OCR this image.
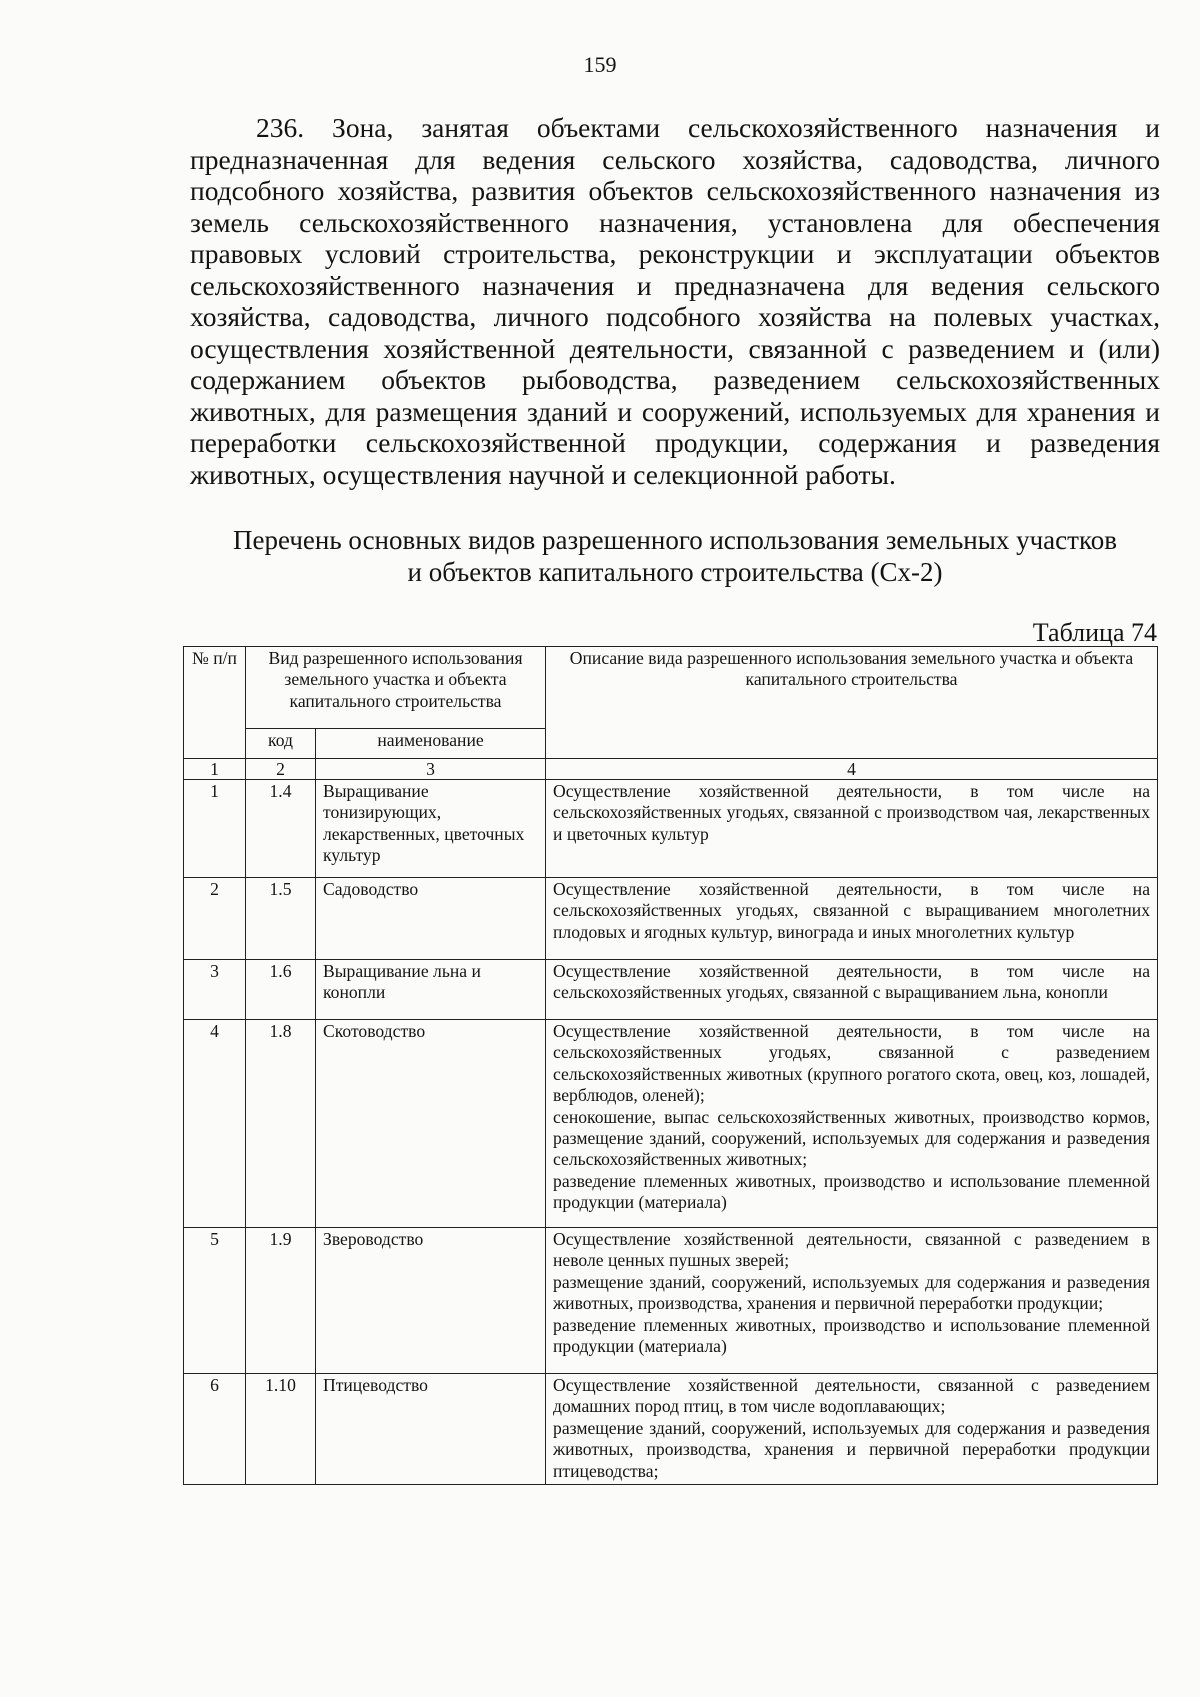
159

236. Зона, занятая объектами сельскохозяйственного назначения и предназначенная для ведения сельского хозяйства, садоводства, личного подсобного хозяйства, развития объектов сельскохозяйственного назначения из земель сельскохозяйственного назначения, установлена для обеспечения правовых условий строительства, реконструкции и эксплуатации объектов сельскохозяйственного назначения и предназначена для ведения сельского хозяйства, садоводства, личного подсобного хозяйства на полевых участках, осуществления хозяйственной деятельности, связанной с разведением и (или) содержанием объектов рыбоводства, разведением сельскохозяйственных животных, для размещения зданий и сооружений, используемых для хранения и переработки сельскохозяйственной продукции, содержания и разведения животных, осуществления научной и селекционной работы.

Перечень основных видов разрешенного использования земельных участков
и объектов капитального строительства (Сх-2)
Таблица 74
№ п/п	Вид разрешенного использования земельного участка и объекта капитального строительства		Описание вида разрешенного использования земельного участка и объекта капитального строительства
	код	наименование	
1	2	3	4
1	1.4	Выращивание тонизирующих, лекарственных, цветочных культур	Осуществление хозяйственной деятельности, в том числе на сельскохозяйственных угодьях, связанной с производством чая, лекарственных и цветочных культур

2	1.5	Садоводство	Осуществление хозяйственной деятельности, в том числе на сельскохозяйственных угодьях, связанной с выращиванием многолетних плодовых и ягодных культур, винограда и иных многолетних культур

3	1.6	Выращивание льна и конопли	Осуществление хозяйственной деятельности, в том числе на сельскохозяйственных угодьях, связанной с выращиванием льна, конопли

4	1.8	Скотоводство	Осуществление хозяйственной деятельности, в том числе на сельскохозяйственных угодьях, связанной с разведением сельскохозяйственных животных (крупного рогатого скота, овец, коз, лошадей, верблюдов, оленей);
сенокошение, выпас сельскохозяйственных животных, производство кормов, размещение зданий, сооружений, используемых для содержания и разведения сельскохозяйственных животных;
разведение племенных животных, производство и использование племенной продукции (материала)

5	1.9	Звероводство	Осуществление хозяйственной деятельности, связанной с разведением в неволе ценных пушных зверей;
размещение зданий, сооружений, используемых для содержания и разведения животных, производства, хранения и первичной переработки продукции;
разведение племенных животных, производство и использование племенной продукции (материала)

6	1.10	Птицеводство	Осуществление хозяйственной деятельности, связанной с разведением домашних пород птиц, в том числе водоплавающих;
размещение зданий, сооружений, используемых для содержания и разведения животных, производства, хранения и первичной переработки продукции птицеводства;
